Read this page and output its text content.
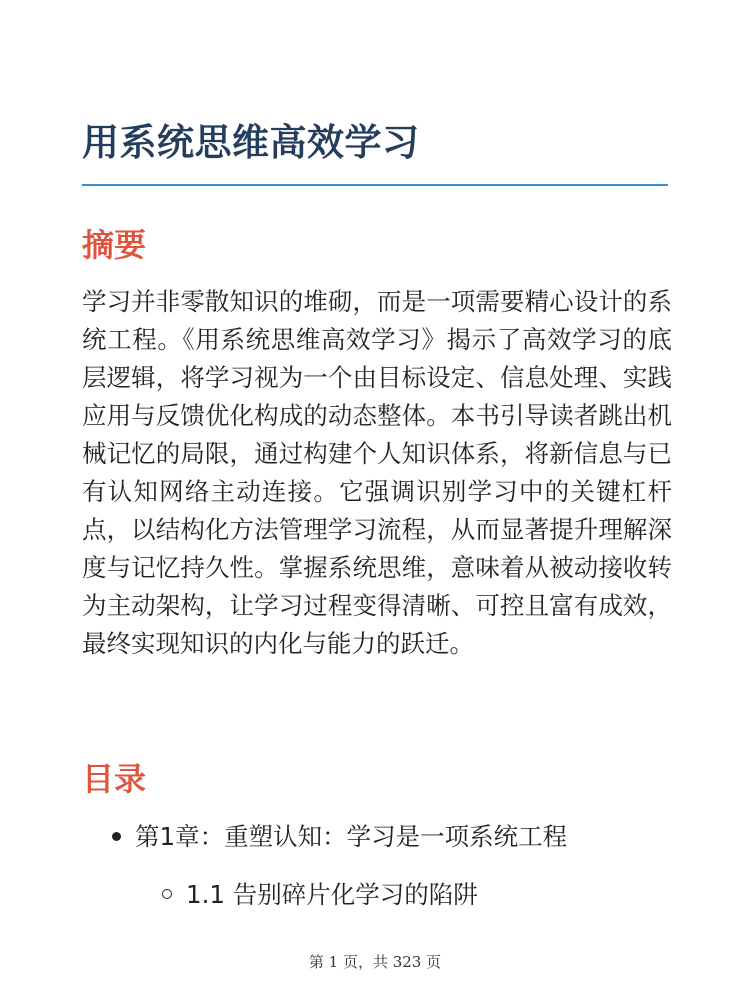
用系统思维高效学习
摘要

学习并非零散知识的堆砌，而是一项需要精心设计的系统工程。《用系统思维高效学习》揭示了高效学习的底层逻辑，将学习视为一个由目标设定、信息处理、实践应用与反馈优化构成的动态整体。本书引导读者跳出机械记忆的局限，通过构建个人知识体系，将新信息与已有认知网络主动连接。它强调识别学习中的关键杠杆点，以结构化方法管理学习流程，从而显著提升理解深度与记忆持久性。掌握系统思维，意味着从被动接收转为主动架构，让学习过程变得清晰、可控且富有成效，最终实现知识的内化与能力的跃迁。

目录
第1章：重塑认知：学习是一项系统工程
1.1 告别碎片化学习的陷阱
第 1 页，共 323 页
